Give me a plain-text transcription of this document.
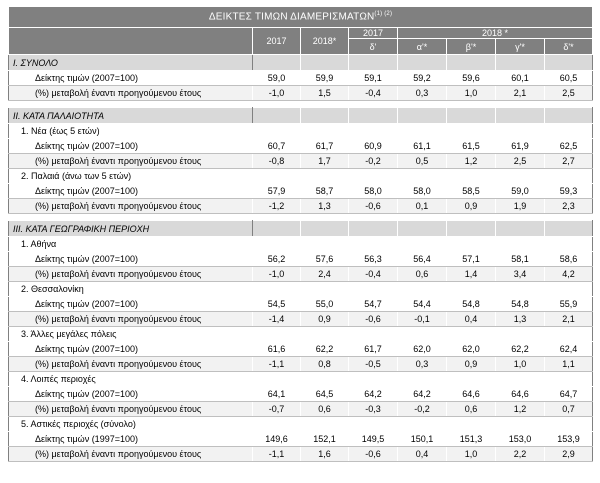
ΔΕΙΚΤΕΣ ΤΙΜΩΝ $\Delta IAMEPI\Sigma MAT\Omega N^{(1) (2)}$
	2017	2018*	2017	2018 *			
			δ'	α'*	β'*	γ'*	δ'*
I. ΣΥΝΟΛΟ							
Δείκτης τιμών (2007=100)	59,0	59,9	59,1	59,2	59,6	60,1	60,5
(%) μεταβολή έναντι προηγούμενου έτους	-1,0	1,5	-0,4	0,3	1,0	2,1	2,5

II. ΚΑΤΑ ΠΑΛΑΙΟΤΗΤΑ							
1. Νέα (έως 5 ετών)							
Δείκτης τιμών (2007=100)	60,7	61,7	60,9	61,1	61,5	61,9	62,5
(%) μεταβολή έναντι προηγούμενου έτους	-0,8	1,7	-0,2	0,5	1,2	2,5	2,7
2. Παλαιά (άνω των 5 ετών)							
Δείκτης τιμών (2007=100)	57,9	58,7	58,0	58,0	58,5	59,0	59,3
(%) μεταβολή έναντι προηγούμενου έτους	-1,2	1,3	-0,6	0,1	0,9	1,9	2,3

III. ΚΑΤΑ ΓΕΩΓΡΑΦΙΚΗ ΠΕΡΙΟΧΗ							
1. Αθήνα							
Δείκτης τιμών (2007=100)	56,2	57,6	56,3	56,4	57,1	58,1	58,6
(%) μεταβολή έναντι προηγούμενου έτους	-1,0	2,4	-0,4	0,6	1,4	3,4	4,2
2. Θεσσαλονίκη							
Δείκτης τιμών (2007=100)	54,5	55,0	54,7	54,4	54,8	54,8	55,9
(%) μεταβολή έναντι προηγούμενου έτους	-1,4	0,9	-0,6	-0,1	0,4	1,3	2,1
3. Άλλες μεγάλες πόλεις							
Δείκτης τιμών (2007=100)	61,6	62,2	61,7	62,0	62,0	62,2	62,4
(%) μεταβολή έναντι προηγούμενου έτους	-1,1	0,8	-0,5	0,3	0,9	1,0	1,1
4. Λοιπές περιοχές							
Δείκτης τιμών (2007=100)	64,1	64,5	64,2	64,2	64,6	64,6	64,7
(%) μεταβολή έναντι προηγούμενου έτους	-0,7	0,6	-0,3	-0,2	0,6	1,2	0,7
5. Αστικές περιοχές (σύνολο)							
Δείκτης τιμών (1997=100)	149,6	152,1	149,5	150,1	151,3	153,0	153,9
(%) μεταβολή έναντι προηγούμενου έτους	-1,1	1,6	-0,6	0,4	1,0	2,2	2,9
